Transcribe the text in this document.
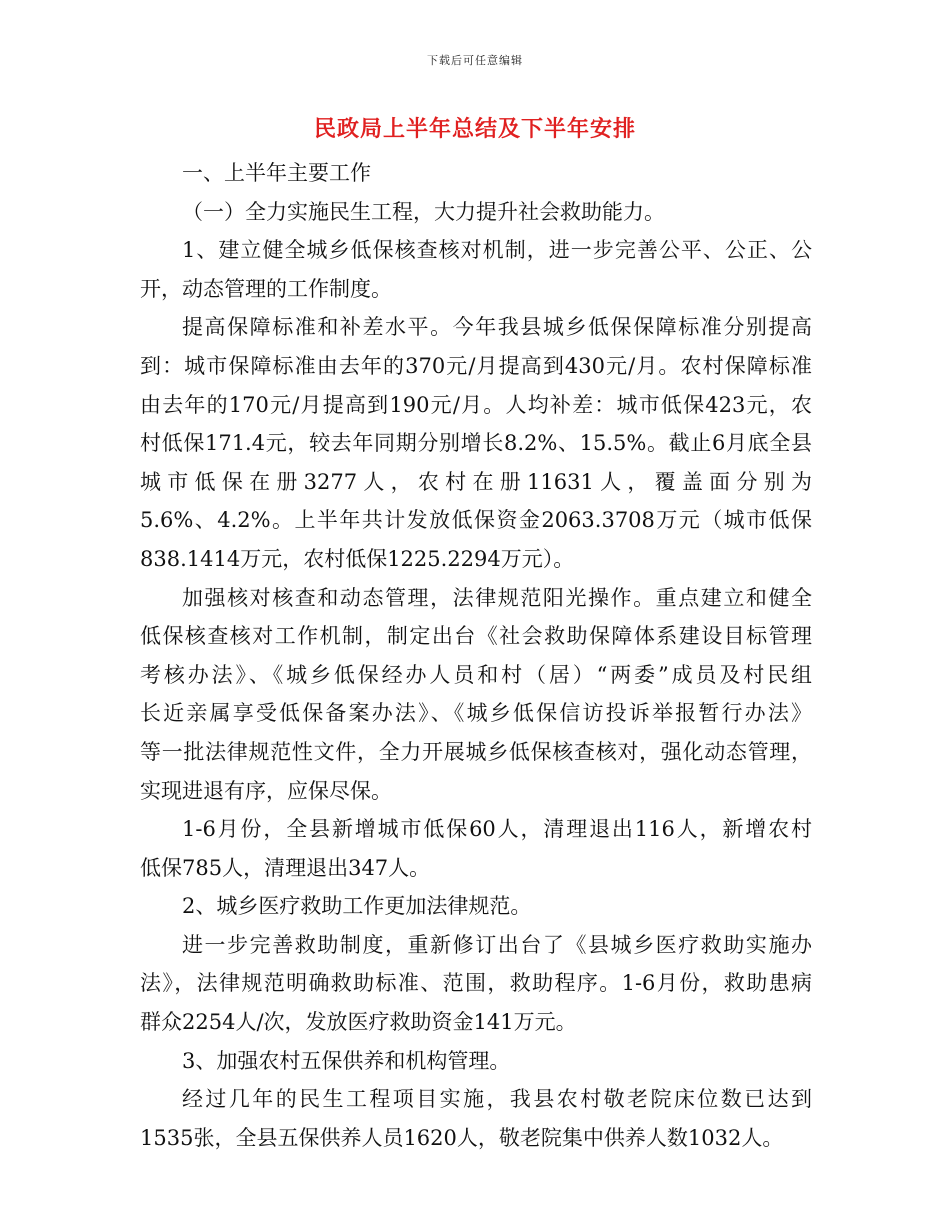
下载后可任意编辑
民政局上半年总结及下半年安排

一、上半年主要工作

（一）全力实施民生工程，大力提升社会救助能力。

1、建立健全城乡低保核查核对机制，进一步完善公平、公正、公
开，动态管理的工作制度。

提高保障标准和补差水平。今年我县城乡低保保障标准分别提高
到：城市保障标准由去年的370元/月提高到430元/月。农村保障标准
由去年的170元/月提高到190元/月。人均补差：城市低保423元，农
村低保171.4元，较去年同期分别增长8.2%、15.5%。截止6月底全县
城市低保在册3277人，农村在册11631人，覆盖面分别为
5.6%、4.2%。上半年共计发放低保资金2063.3708万元（城市低保
838.1414万元，农村低保1225.2294万元）。

加强核对核查和动态管理，法律规范阳光操作。重点建立和健全
低保核查核对工作机制，制定出台《社会救助保障体系建设目标管理
考核办法》、《城乡低保经办人员和村（居）“两委”成员及村民组
长近亲属享受低保备案办法》、《城乡低保信访投诉举报暂行办法》
等一批法律规范性文件，全力开展城乡低保核查核对，强化动态管理，
实现进退有序，应保尽保。

1-6月份，全县新增城市低保60人，清理退出116人，新增农村
低保785人，清理退出347人。

2、城乡医疗救助工作更加法律规范。

进一步完善救助制度，重新修订出台了《县城乡医疗救助实施办
法》，法律规范明确救助标准、范围，救助程序。1-6月份，救助患病
群众2254人/次，发放医疗救助资金141万元。

3、加强农村五保供养和机构管理。

经过几年的民生工程项目实施，我县农村敬老院床位数已达到
1535张，全县五保供养人员1620人，敬老院集中供养人数1032人。
